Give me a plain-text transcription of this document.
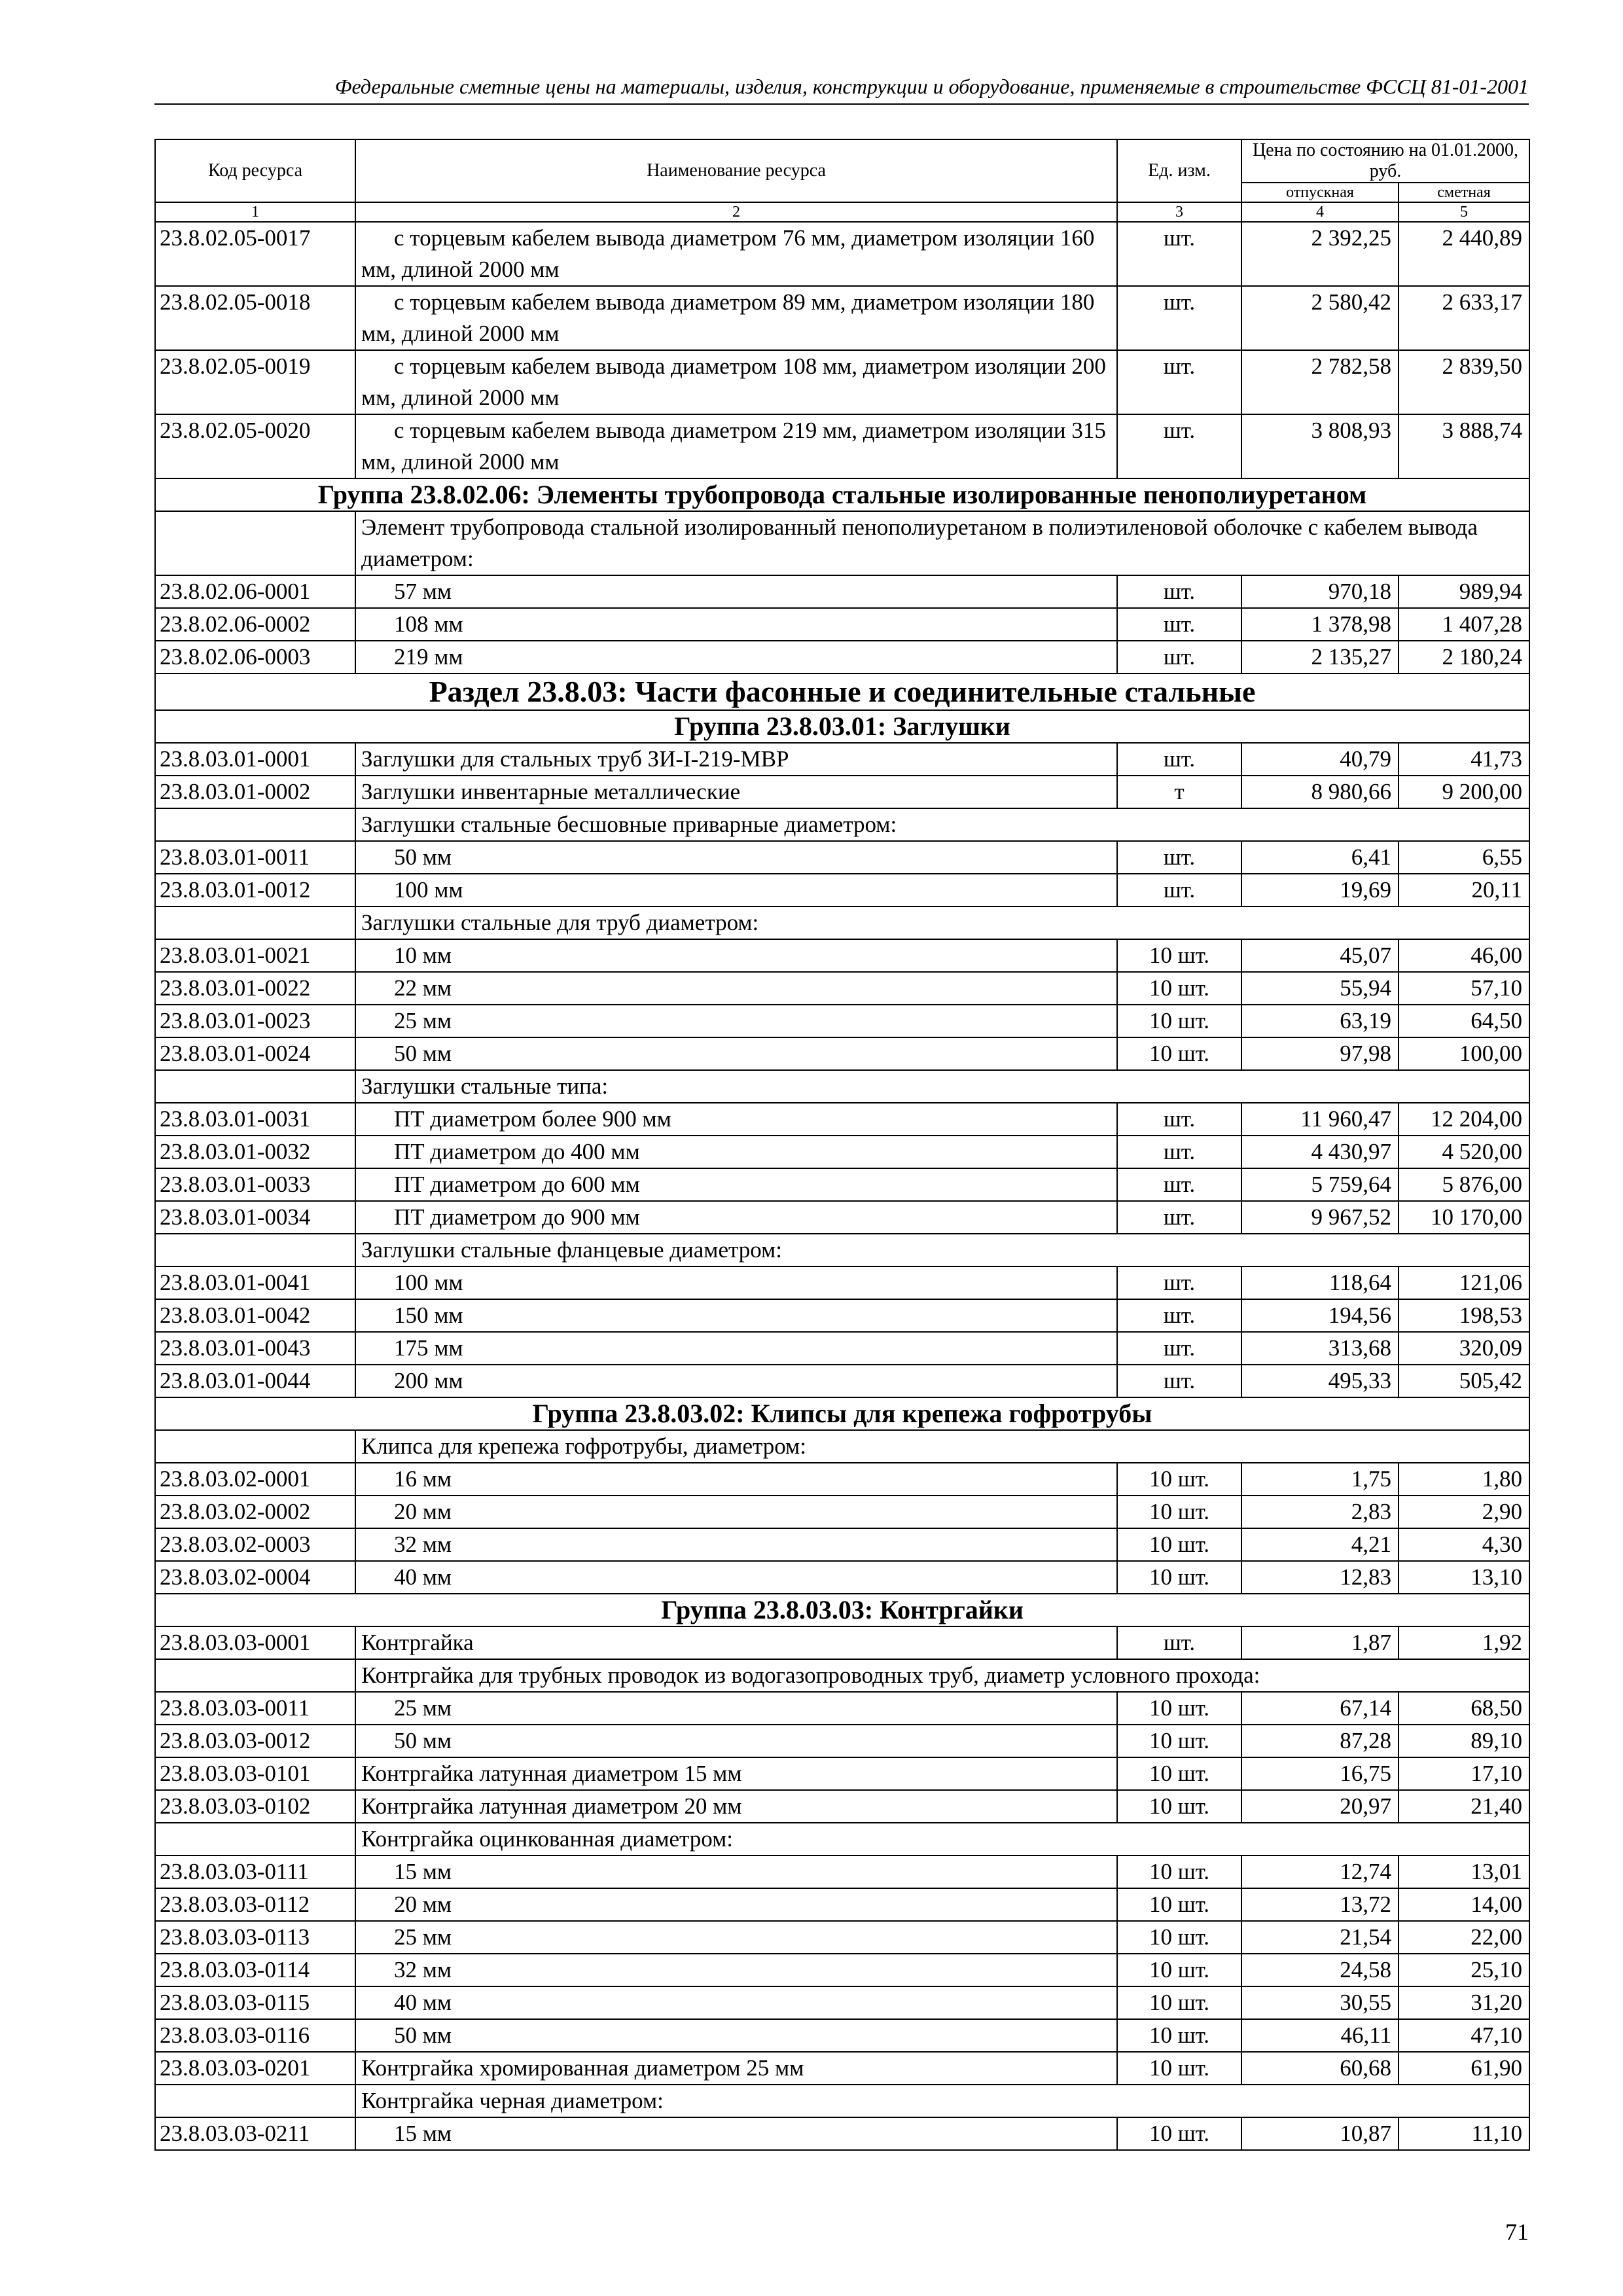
Федеральные сметные цены на материалы, изделия, конструкции и оборудование, применяемые в строительстве ФССЦ 81-01-2001
Код ресурса	Наименование ресурса	Ед. изм.	Цена по состоянию на 01.01.2000, руб.	
			отпускная	сметная
1	2	3	4	5
23.8.02.05-0017	с торцевым кабелем вывода диаметром 76 мм, диаметром изоляции 160 мм, длиной 2000 мм	шт.	2 392,25	2 440,89
23.8.02.05-0018	с торцевым кабелем вывода диаметром 89 мм, диаметром изоляции 180 мм, длиной 2000 мм	шт.	2 580,42	2 633,17
23.8.02.05-0019	с торцевым кабелем вывода диаметром 108 мм, диаметром изоляции 200 мм, длиной 2000 мм	шт.	2 782,58	2 839,50
23.8.02.05-0020	с торцевым кабелем вывода диаметром 219 мм, диаметром изоляции 315 мм, длиной 2000 мм	шт.	3 808,93	3 888,74
Группа 23.8.02.06: Элементы трубопровода стальные изолированные пенополиуретаном				
	Элемент трубопровода стальной изолированный пенополиуретаном в полиэтиленовой оболочке с кабелем вывода диаметром:			
23.8.02.06-0001	57 мм	шт.	970,18	989,94
23.8.02.06-0002	108 мм	шт.	1 378,98	1 407,28
23.8.02.06-0003	219 мм	шт.	2 135,27	2 180,24
Раздел 23.8.03: Части фасонные и соединительные стальные				
Группа 23.8.03.01: Заглушки				
23.8.03.01-0001	Заглушки для стальных труб ЗИ-I-219-МВР	шт.	40,79	41,73
23.8.03.01-0002	Заглушки инвентарные металлические	т	8 980,66	9 200,00
	Заглушки стальные бесшовные приварные диаметром:			
23.8.03.01-0011	50 мм	шт.	6,41	6,55
23.8.03.01-0012	100 мм	шт.	19,69	20,11
	Заглушки стальные для труб диаметром:			
23.8.03.01-0021	10 мм	10 шт.	45,07	46,00
23.8.03.01-0022	22 мм	10 шт.	55,94	57,10
23.8.03.01-0023	25 мм	10 шт.	63,19	64,50
23.8.03.01-0024	50 мм	10 шт.	97,98	100,00
	Заглушки стальные типа:			
23.8.03.01-0031	ПТ диаметром более 900 мм	шт.	11 960,47	12 204,00
23.8.03.01-0032	ПТ диаметром до 400 мм	шт.	4 430,97	4 520,00
23.8.03.01-0033	ПТ диаметром до 600 мм	шт.	5 759,64	5 876,00
23.8.03.01-0034	ПТ диаметром до 900 мм	шт.	9 967,52	10 170,00
	Заглушки стальные фланцевые диаметром:			
23.8.03.01-0041	100 мм	шт.	118,64	121,06
23.8.03.01-0042	150 мм	шт.	194,56	198,53
23.8.03.01-0043	175 мм	шт.	313,68	320,09
23.8.03.01-0044	200 мм	шт.	495,33	505,42
Группа 23.8.03.02: Клипсы для крепежа гофротрубы				
	Клипса для крепежа гофротрубы, диаметром:			
23.8.03.02-0001	16 мм	10 шт.	1,75	1,80
23.8.03.02-0002	20 мм	10 шт.	2,83	2,90
23.8.03.02-0003	32 мм	10 шт.	4,21	4,30
23.8.03.02-0004	40 мм	10 шт.	12,83	13,10
Группа 23.8.03.03: Контргайки				
23.8.03.03-0001	Контргайка	шт.	1,87	1,92
	Контргайка для трубных проводок из водогазопроводных труб, диаметр условного прохода:			
23.8.03.03-0011	25 мм	10 шт.	67,14	68,50
23.8.03.03-0012	50 мм	10 шт.	87,28	89,10
23.8.03.03-0101	Контргайка латунная диаметром 15 мм	10 шт.	16,75	17,10
23.8.03.03-0102	Контргайка латунная диаметром 20 мм	10 шт.	20,97	21,40
	Контргайка оцинкованная диаметром:			
23.8.03.03-0111	15 мм	10 шт.	12,74	13,01
23.8.03.03-0112	20 мм	10 шт.	13,72	14,00
23.8.03.03-0113	25 мм	10 шт.	21,54	22,00
23.8.03.03-0114	32 мм	10 шт.	24,58	25,10
23.8.03.03-0115	40 мм	10 шт.	30,55	31,20
23.8.03.03-0116	50 мм	10 шт.	46,11	47,10
23.8.03.03-0201	Контргайка хромированная диаметром 25 мм	10 шт.	60,68	61,90
	Контргайка черная диаметром:			
23.8.03.03-0211	15 мм	10 шт.	10,87	11,10
71
